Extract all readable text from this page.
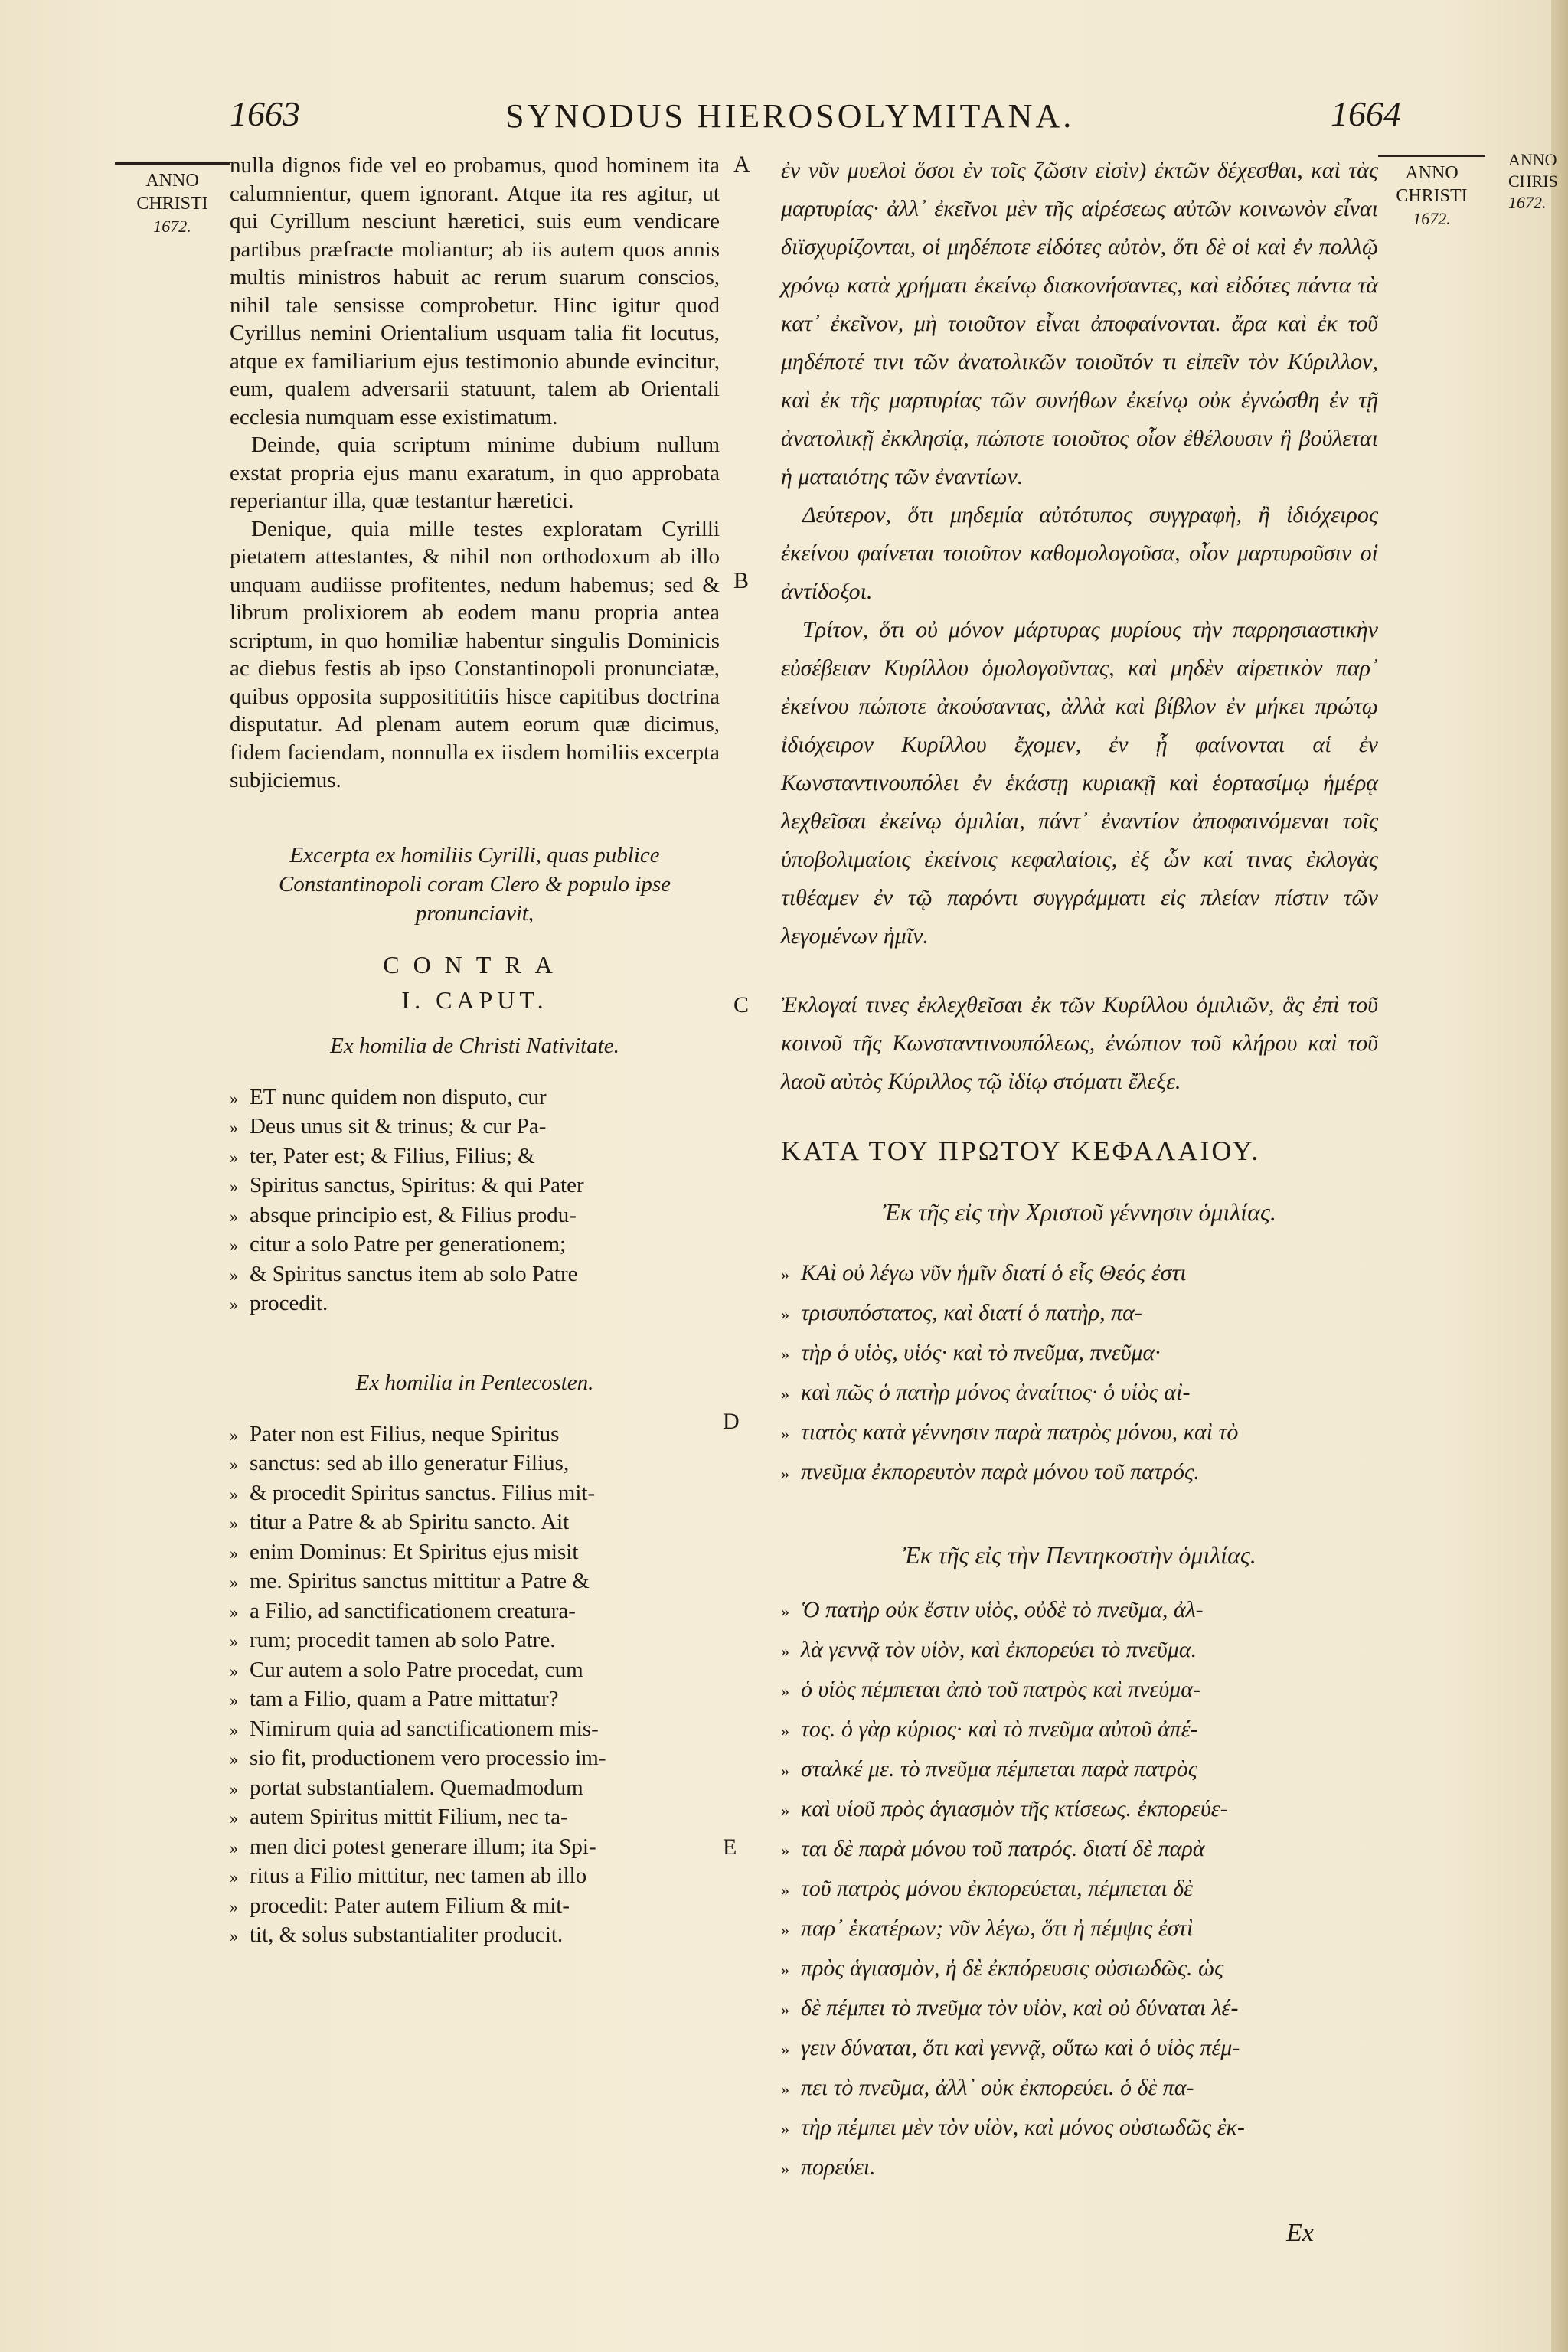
1663	SYNODUS HIEROSOLYMITANA.	1664
ANNO
CHRISTI
1672.
ANNO
CHRISTI
1672.
ANNO
CHRIS
1672.
A
B
C
D
E

nulla dignos fide vel eo probamus, quod hominem ita calumnientur, quem ignorant. Atque ita res agitur, ut qui Cyrillum nesciunt hæretici, suis eum vendicare partibus præfracte moliantur; ab iis autem quos annis multis ministros habuit ac rerum suarum conscios, nihil tale sensisse comprobetur. Hinc igitur quod Cyrillus nemini Orientalium usquam talia fit locutus, atque ex familiarium ejus testimonio abunde evincitur, eum, qualem adversarii statuunt, talem ab Orientali ecclesia numquam esse existimatum.

Deinde, quia scriptum minime dubium nullum exstat propria ejus manu exaratum, in quo approbata reperiantur illa, quæ testantur hæretici.

Denique, quia mille testes exploratam Cyrilli pietatem attestantes, & nihil non orthodoxum ab illo unquam audiisse profitentes, nedum habemus; sed & librum prolixiorem ab eodem manu propria antea scriptum, in quo homiliæ habentur singulis Dominicis ac diebus festis ab ipso Constantinopoli pronunciatæ, quibus opposita suppositititiis hisce capitibus doctrina disputatur. Ad plenam autem eorum quæ dicimus, fidem faciendam, nonnulla ex iisdem homiliis excerpta subjiciemus.

Excerpta ex homiliis Cyrilli, quas publice Constantinopoli coram Clero & populo ipse pronunciavit,
CONTRA
I. CAPUT.
Ex homilia de Christi Nativitate.
» ET nunc quidem non disputo, cur
» Deus unus sit & trinus; & cur Pa-
» ter, Pater est; & Filius, Filius; &
» Spiritus sanctus, Spiritus: & qui Pater
» absque principio est, & Filius produ-
» citur a solo Patre per generationem;
» & Spiritus sanctus item ab solo Patre
» procedit.
Ex homilia in Pentecosten.
» Pater non est Filius, neque Spiritus
» sanctus: sed ab illo generatur Filius,
» & procedit Spiritus sanctus. Filius mit-
» titur a Patre & ab Spiritu sancto. Ait
» enim Dominus: Et Spiritus ejus misit
» me. Spiritus sanctus mittitur a Patre &
» a Filio, ad sanctificationem creatura-
» rum; procedit tamen ab solo Patre.
» Cur autem a solo Patre procedat, cum
» tam a Filio, quam a Patre mittatur?
» Nimirum quia ad sanctificationem mis-
» sio fit, productionem vero processio im-
» portat substantialem. Quemadmodum
» autem Spiritus mittit Filium, nec ta-
» men dici potest generare illum; ita Spi-
» ritus a Filio mittitur, nec tamen ab illo
» procedit: Pater autem Filium & mit-
» tit, & solus substantialiter producit.

ἐν νῦν μυελοὶ ὅσοι ἐν τοῖς ζῶσιν εἰσὶν) ἐκτῶν δέχεσθαι, καὶ τὰς μαρτυρίας· ἀλλ᾽ ἐκεῖνοι μὲν τῆς αἱρέσεως αὐτῶν κοινωνὸν εἶναι διϊσχυρίζονται, οἱ μηδέποτε εἰδότες αὐτὸν, ὅτι δὲ οἱ καὶ ἐν πολλῷ χρόνῳ κατὰ χρήματι ἐκείνῳ διακονήσαντες, καὶ εἰδότες πάντα τὰ κατ᾽ ἐκεῖνον, μὴ τοιοῦτον εἶναι ἀποφαίνονται. ἄρα καὶ ἐκ τοῦ μηδέποτέ τινι τῶν ἀνατολικῶν τοιοῦτόν τι εἰπεῖν τὸν Κύριλλον, καὶ ἐκ τῆς μαρτυρίας τῶν συνήθων ἐκείνῳ οὐκ ἐγνώσθη ἐν τῇ ἀνατολικῇ ἐκκλησίᾳ, πώποτε τοιοῦτος οἷον ἐθέλουσιν ἢ βούλεται ἡ ματαιότης τῶν ἐναντίων.

Δεύτερον, ὅτι μηδεμία αὐτότυπος συγγραφὴ, ἢ ἰδιόχειρος ἐκείνου φαίνεται τοιοῦτον καθομολογοῦσα, οἷον μαρτυροῦσιν οἱ ἀντίδοξοι.

Τρίτον, ὅτι οὐ μόνον μάρτυρας μυρίους τὴν παρρησιαστικὴν εὐσέβειαν Κυρίλλου ὁμολογοῦντας, καὶ μηδὲν αἱρετικὸν παρ᾽ ἐκείνου πώποτε ἀκούσαντας, ἀλλὰ καὶ βίβλον ἐν μήκει πρώτῳ ἰδιόχειρον Κυρίλλου ἔχομεν, ἐν ᾗ φαίνονται αἱ ἐν Κωνσταντινουπόλει ἐν ἑκάστῃ κυριακῇ καὶ ἑορτασίμῳ ἡμέρᾳ λεχθεῖσαι ἐκείνῳ ὁμιλίαι, πάντ᾽ ἐναντίον ἀποφαινόμεναι τοῖς ὑποβολιμαίοις ἐκείνοις κεφαλαίοις, ἐξ ὧν καί τινας ἐκλογὰς τιθέαμεν ἐν τῷ παρόντι συγγράμματι εἰς πλείαν πίστιν τῶν λεγομένων ἡμῖν.

Ἐκλογαί τινες ἐκλεχθεῖσαι ἐκ τῶν Κυρίλλου ὁμιλιῶν, ἃς ἐπὶ τοῦ κοινοῦ τῆς Κωνσταντινουπόλεως, ἐνώπιον τοῦ κλήρου καὶ τοῦ λαοῦ αὐτὸς Κύριλλος τῷ ἰδίῳ στόματι ἔλεξε.

ΚΑΤΑ ΤΟΥ ΠΡΩΤΟΥ ΚΕΦΑΛΑΙΟΥ.
Ἐκ τῆς εἰς τὴν Χριστοῦ γέννησιν ὁμιλίας.
» ΚΑὶ οὐ λέγω νῦν ἡμῖν διατί ὁ εἷς Θεός ἐστι
» τρισυπόστατος, καὶ διατί ὁ πατὴρ, πα-
» τὴρ ὁ υἱὸς, υἱός· καὶ τὸ πνεῦμα, πνεῦμα·
» καὶ πῶς ὁ πατὴρ μόνος ἀναίτιος· ὁ υἱὸς αἰ-
» τιατὸς κατὰ γέννησιν παρὰ πατρὸς μόνου, καὶ τὸ
» πνεῦμα ἐκπορευτὸν παρὰ μόνου τοῦ πατρός.
Ἐκ τῆς εἰς τὴν Πεντηκοστὴν ὁμιλίας.
» Ὁ πατὴρ οὐκ ἔστιν υἱὸς, οὐδὲ τὸ πνεῦμα, ἀλ-
» λὰ γεννᾷ τὸν υἱὸν, καὶ ἐκπορεύει τὸ πνεῦμα.
» ὁ υἱὸς πέμπεται ἀπὸ τοῦ πατρὸς καὶ πνεύμα-
» τος. ὁ γὰρ κύριος· καὶ τὸ πνεῦμα αὐτοῦ ἀπέ-
» σταλκέ με. τὸ πνεῦμα πέμπεται παρὰ πατρὸς
» καὶ υἱοῦ πρὸς ἁγιασμὸν τῆς κτίσεως. ἐκπορεύε-
» ται δὲ παρὰ μόνου τοῦ πατρός. διατί δὲ παρὰ
» τοῦ πατρὸς μόνου ἐκπορεύεται, πέμπεται δὲ
» παρ᾽ ἑκατέρων; νῦν λέγω, ὅτι ἡ πέμψις ἐστὶ
» πρὸς ἁγιασμὸν, ἡ δὲ ἐκπόρευσις οὐσιωδῶς. ὡς
» δὲ πέμπει τὸ πνεῦμα τὸν υἱὸν, καὶ οὐ δύναται λέ-
» γειν δύναται, ὅτι καὶ γεννᾷ, οὕτω καὶ ὁ υἱὸς πέμ-
» πει τὸ πνεῦμα, ἀλλ᾽ οὐκ ἐκπορεύει. ὁ δὲ πα-
» τὴρ πέμπει μὲν τὸν υἱὸν, καὶ μόνος οὐσιωδῶς ἐκ-
» πορεύει.
Ex
